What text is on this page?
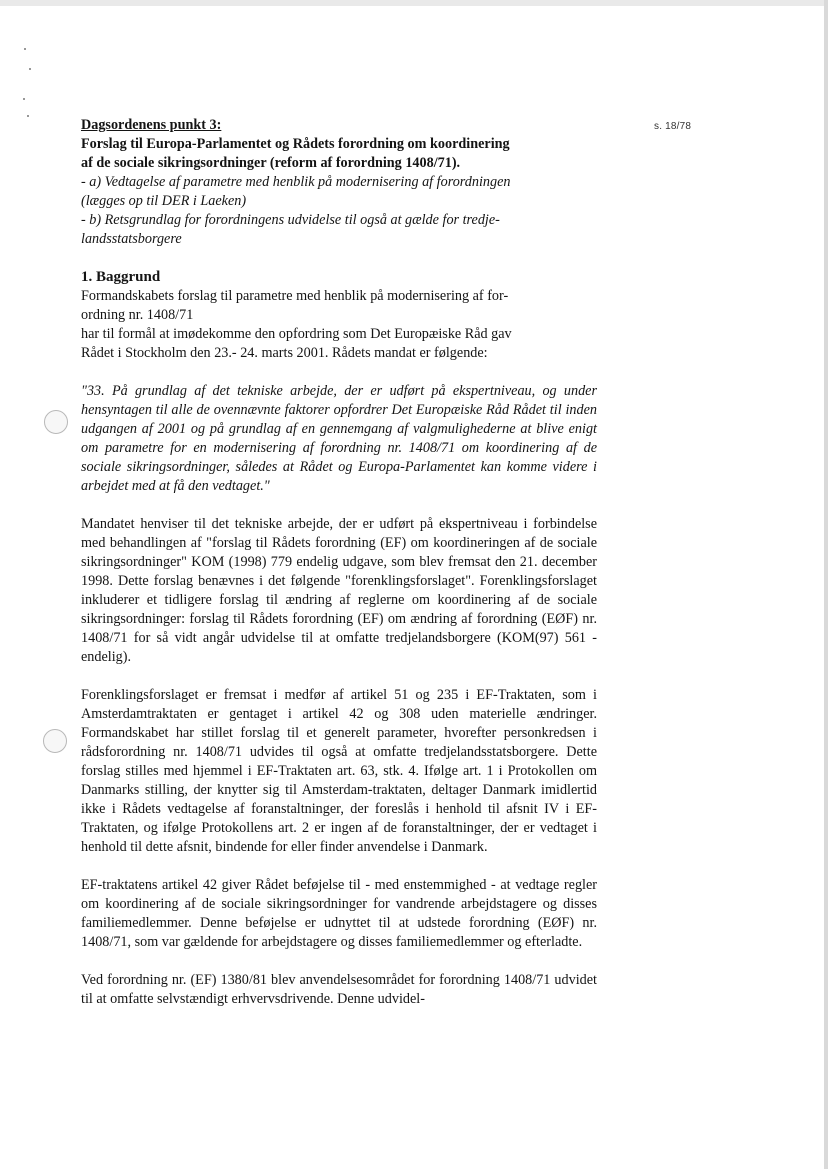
s. 18/78

Dagsordenens punkt 3:

Forslag til Europa-Parlamentet og Rådets forordning om koordinering

af de sociale sikringsordninger (reform af forordning 1408/71).

- a) Vedtagelse af parametre med henblik på modernisering af forordningen

(lægges op til DER i Laeken)

- b) Retsgrundlag for forordningens udvidelse til også at gælde for tredje-

landsstatsborgere

1. Baggrund

Formandskabets forslag til parametre med henblik på modernisering af for-

ordning nr. 1408/71

har til formål at imødekomme den opfordring som Det Europæiske Råd gav

Rådet i Stockholm den 23.- 24. marts 2001. Rådets mandat er følgende:

"33. På grundlag af det tekniske arbejde, der er udført på ekspertniveau, og under hensyntagen til alle de ovennævnte faktorer opfordrer Det Europæiske Råd Rådet til inden udgangen af 2001 og på grundlag af en gennemgang af valgmulighederne at blive enigt om parametre for en modernisering af forordning nr. 1408/71 om koordinering af de sociale sikringsordninger, således at Rådet og Europa-Parlamentet kan komme videre i arbejdet med at få den vedtaget."

Mandatet henviser til det tekniske arbejde, der er udført på ekspertniveau i forbindelse med behandlingen af "forslag til Rådets forordning (EF) om koordineringen af de sociale sikringsordninger" KOM (1998) 779 endelig udgave, som blev fremsat den 21. december 1998. Dette forslag benævnes i det følgende "forenklingsforslaget". Forenklingsforslaget inkluderer et tidligere forslag til ændring af reglerne om koordinering af de sociale sikringsordninger: forslag til Rådets forordning (EF) om ændring af forordning (EØF) nr. 1408/71 for så vidt angår udvidelse til at omfatte tredjelandsborgere (KOM(97) 561 - endelig).

Forenklingsforslaget er fremsat i medfør af artikel 51 og 235 i EF-Traktaten, som i Amsterdamtraktaten er gentaget i artikel 42 og 308 uden materielle ændringer. Formandskabet har stillet forslag til et generelt parameter, hvorefter personkredsen i rådsforordning nr. 1408/71 udvides til også at omfatte tredjelandsstatsborgere. Dette forslag stilles med hjemmel i EF-Traktaten art. 63, stk. 4. Ifølge art. 1 i Protokollen om Danmarks stilling, der knytter sig til Amsterdam-traktaten, deltager Danmark imidlertid ikke i Rådets vedtagelse af foranstaltninger, der foreslås i henhold til afsnit IV i EF-Traktaten, og ifølge Protokollens art. 2 er ingen af de foranstaltninger, der er vedtaget i henhold til dette afsnit, bindende for eller finder anvendelse i Danmark.

EF-traktatens artikel 42 giver Rådet beføjelse til - med enstemmighed - at vedtage regler om koordinering af de sociale sikringsordninger for vandrende arbejdstagere og disses familiemedlemmer. Denne beføjelse er udnyttet til at udstede forordning (EØF) nr. 1408/71, som var gældende for arbejdstagere og disses familiemedlemmer og efterladte.

Ved forordning nr. (EF) 1380/81 blev anvendelsesområdet for forordning 1408/71 udvidet til at omfatte selvstændigt erhvervsdrivende. Denne udvidel-
